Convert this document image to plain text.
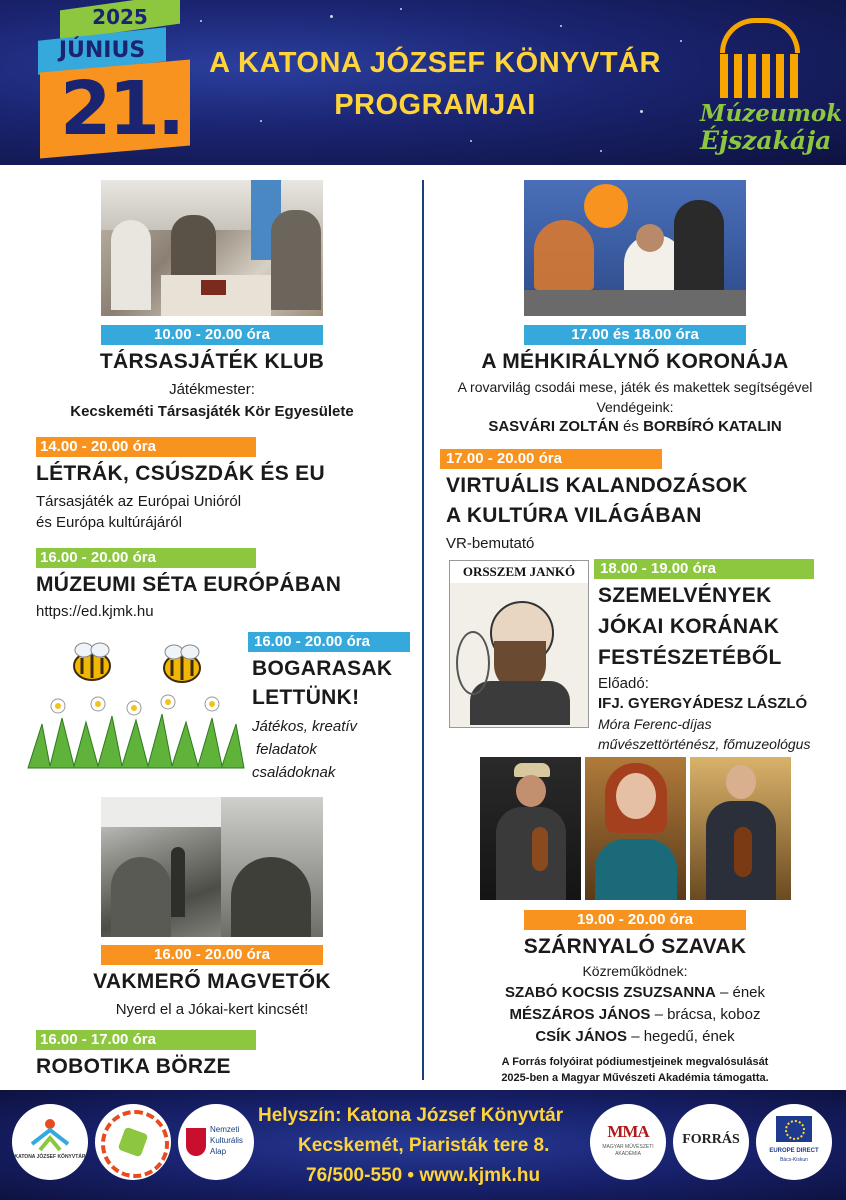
2025
JÚNIUS
21.
A KATONA JÓZSEF KÖNYVTÁR
PROGRAMJAI	Múzeumok
Éjszakája
10.00 - 20.00 óra
TÁRSASJÁTÉK KLUB
Játékmester:
Kecskeméti Társasjáték Kör Egyesülete
14.00 - 20.00 óra
LÉTRÁK, CSÚSZDÁK ÉS EU
Társasjáték az Európai Unióról
és Európa kultúrájáról
16.00 - 20.00 óra
MÚZEUMI SÉTA EURÓPÁBAN
https://ed.kjmk.hu
16.00 - 20.00 óra
BOGARASAK
LETTÜNK!
Játékos, kreatív
feladatok
családoknak
16.00 - 20.00 óra
VAKMERŐ MAGVETŐK
Nyerd el a Jókai-kert kincsét!
16.00 - 17.00 óra
ROBOTIKA BÖRZE
17.00 és 18.00 óra
A MÉHKIRÁLYNŐ KORONÁJA
A rovarvilág csodái mese, játék és makettek segítségével
Vendégeink:
SASVÁRI ZOLTÁN és BORBÍRÓ KATALIN
17.00 - 20.00 óra
VIRTUÁLIS KALANDOZÁSOK
A KULTÚRA VILÁGÁBAN
VR-bemutató
ORSSZEM JANKÓ	18.00 - 19.00 óra
SZEMELVÉNYEK
JÓKAI KORÁNAK
FESTÉSZETÉBŐL
Előadó:
IFJ. GYERGYÁDESZ LÁSZLÓ
Móra Ferenc-díjas
művészettörténész, főmuzeológus
19.00 - 20.00 óra
SZÁRNYALÓ SZAVAK
Közreműködnek:
SZABÓ KOCSIS ZSUZSANNA – ének
MÉSZÁROS JÁNOS – brácsa, koboz
CSÍK JÁNOS – hegedű, ének
A Forrás folyóirat pódiumestjeinek megvalósulását
2025-ben a Magyar Művészeti Akadémia támogatta.
KATONA JÓZSEF KÖNYVTÁR
Nemzeti
Kulturális
Alap
Helyszín: Katona József Könyvtár
Kecskemét, Piaristák tere 8.
76/500-550 • www.kjmk.hu
MMA
MAGYAR MŰVÉSZETI AKADÉMIA
FORRÁS
EUROPE DIRECT
Bács-Kiskun
